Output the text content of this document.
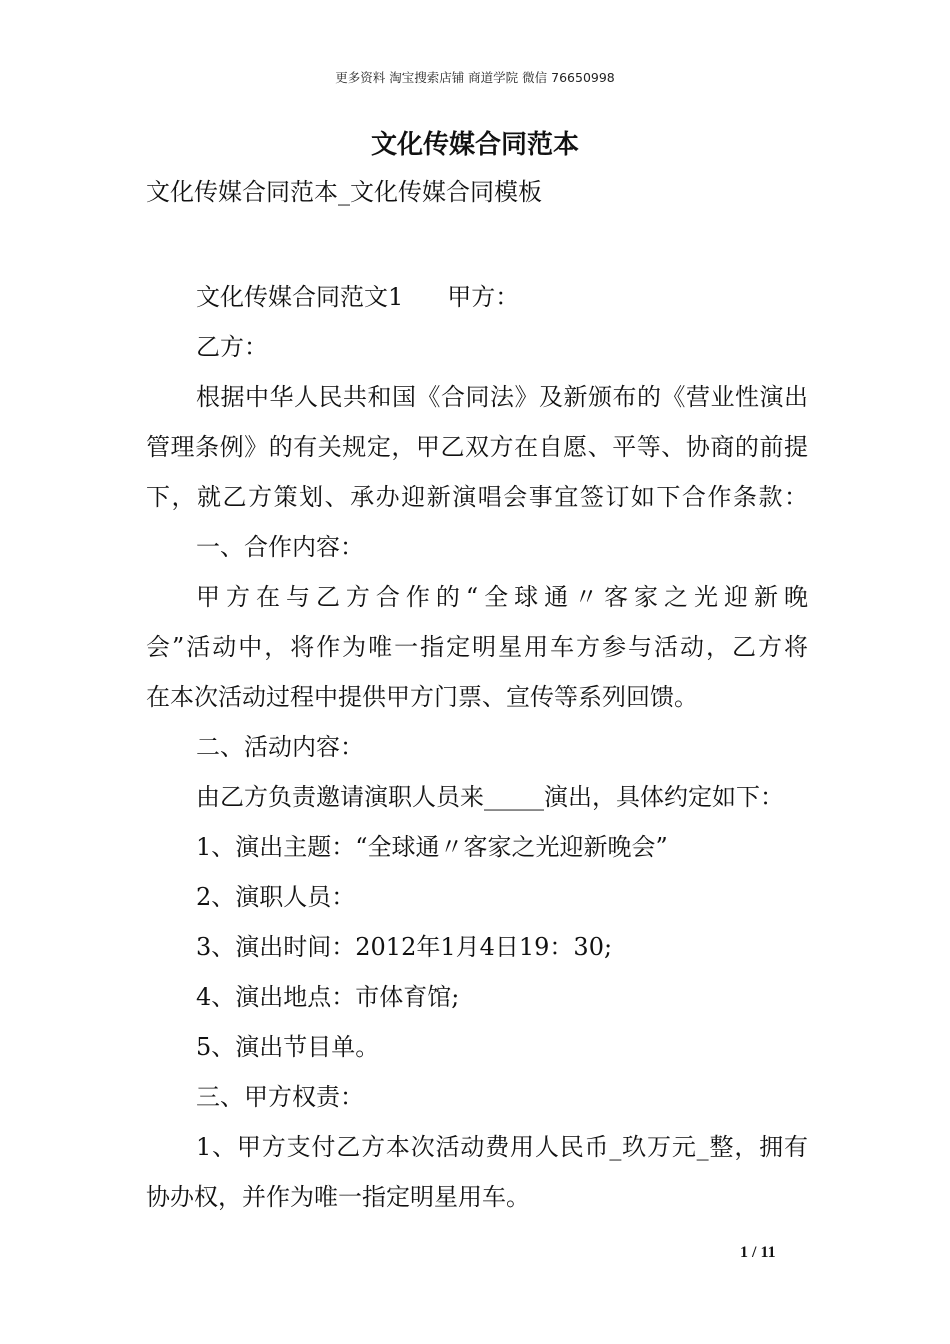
更多资料 淘宝搜索店铺 商道学院 微信 76650998
文化传媒合同范本
文化传媒合同范本_文化传媒合同模板

文化传媒合同范文1 甲方：

乙方：

根据中华人民共和国《合同法》及新颁布的《营业性演出

管理条例》的有关规定，甲乙双方在自愿、平等、协商的前提

下，就乙方策划、承办迎新演唱会事宜签订如下合作条款：

一、合作内容：

甲方在与乙方合作的“全球通〃客家之光迎新晚

会”活动中，将作为唯一指定明星用车方参与活动，乙方将

在本次活动过程中提供甲方门票、宣传等系列回馈。

二、活动内容：

由乙方负责邀请演职人员来_____演出，具体约定如下：

1、演出主题：“全球通〃客家之光迎新晚会”

2、演职人员：

3、演出时间：2012年1月4日19：30;

4、演出地点：市体育馆;

5、演出节目单。

三、甲方权责：

1、甲方支付乙方本次活动费用人民币_玖万元_整，拥有

协办权，并作为唯一指定明星用车。

1 / 11
